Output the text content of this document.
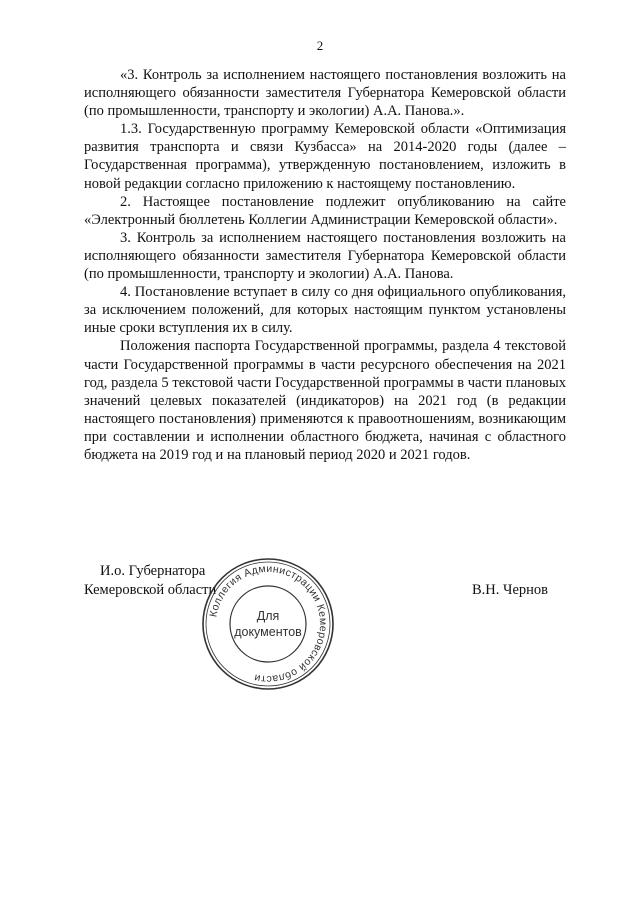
2

«3. Контроль за исполнением настоящего постановления возложить на исполняющего обязанности заместителя Губернатора Кемеровской области (по промышленности, транспорту и экологии) А.А. Панова.».

1.3. Государственную программу Кемеровской области «Оптимизация развития транспорта и связи Кузбасса» на 2014-2020 годы (далее – Государственная программа), утвержденную постановлением, изложить в новой редакции согласно приложению к настоящему постановлению.

2. Настоящее постановление подлежит опубликованию на сайте «Электронный бюллетень Коллегии Администрации Кемеровской области».

3. Контроль за исполнением настоящего постановления возложить на исполняющего обязанности заместителя Губернатора Кемеровской области (по промышленности, транспорту и экологии) А.А. Панова.

4. Постановление вступает в силу со дня официального опубликования, за исключением положений, для которых настоящим пунктом установлены иные сроки вступления их в силу.

Положения паспорта Государственной программы, раздела 4 текстовой части Государственной программы в части ресурсного обеспечения на 2021 год, раздела 5 текстовой части Государственной программы в части плановых значений целевых показателей (индикаторов) на 2021 год (в редакции настоящего постановления) применяются к правоотношениям, возникающим при составлении и исполнении областного бюджета, начиная с областного бюджета на 2019 год и на плановый период 2020 и 2021 годов.

И.о. Губернатора
Кемеровской области	В.Н. Чернов
Коллегия Администрации Кемеровской области
Для
документов
